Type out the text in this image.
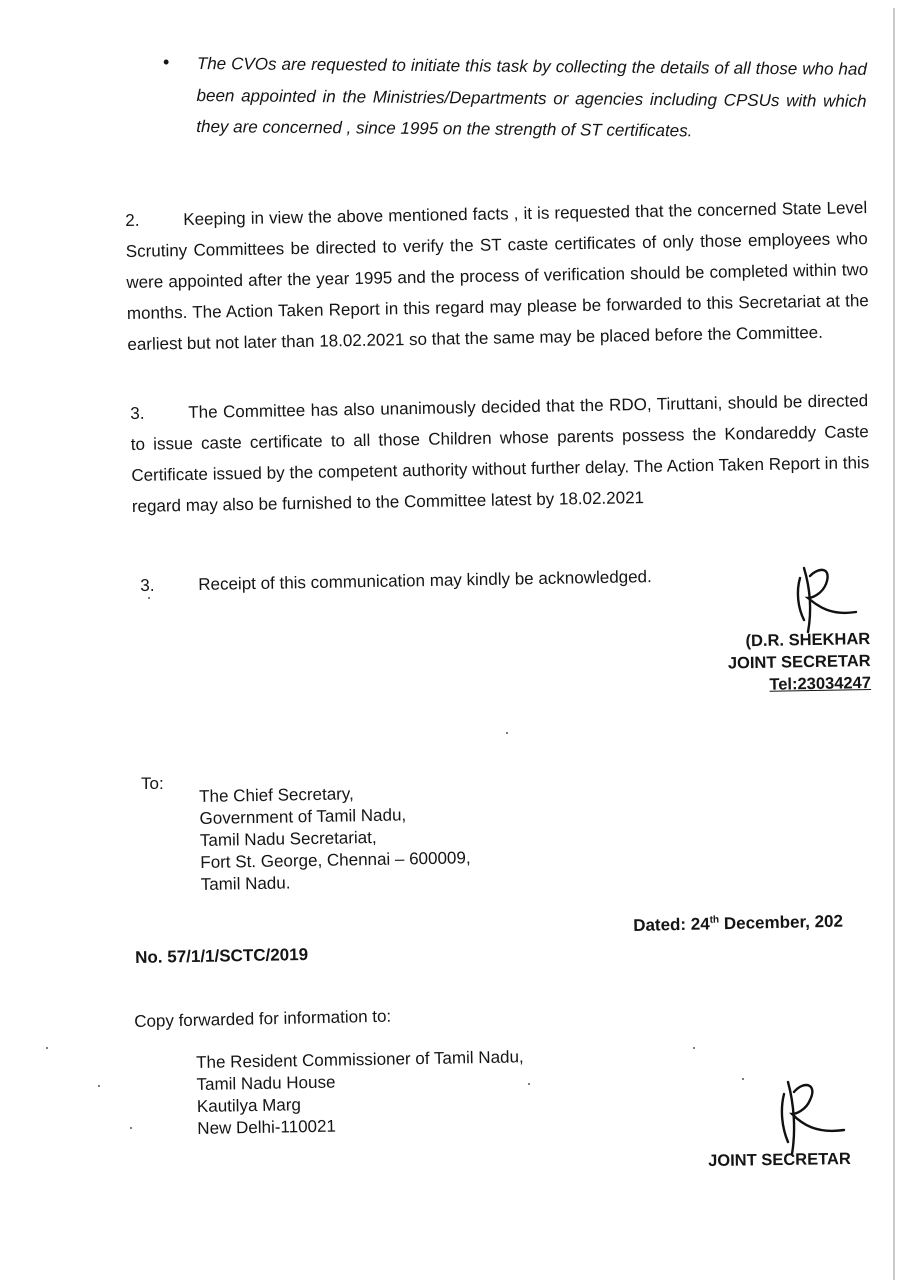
• The CVOs are requested to initiate this task by collecting the details of all those who had been appointed in the Ministries/Departments or agencies including CPSUs with which they are concerned , since 1995 on the strength of ST certificates.
2.	Keeping in view the above mentioned facts , it is requested that the concerned State Level Scrutiny Committees be directed to verify the ST caste certificates of only those employees who were appointed after the year 1995 and the process of verification should be completed within two months. The Action Taken Report in this regard may please be forwarded to this Secretariat at the earliest but not later than 18.02.2021 so that the same may be placed before the Committee.
3.	The Committee has also unanimously decided that the RDO, Tiruttani, should be directed to issue caste certificate to all those Children whose parents possess the Kondareddy Caste Certificate issued by the competent authority without further delay. The Action Taken Report in this regard may also be furnished to the Committee latest by 18.02.2021
3.	Receipt of this communication may kindly be acknowledged.
(D.R. SHEKHAR
JOINT SECRETAR
Tel:23034247
To:
The Chief Secretary,
Government of Tamil Nadu,
Tamil Nadu Secretariat,
Fort St. George, Chennai – 600009,
Tamil Nadu.
No. 57/1/1/SCTC/2019
Dated: 24th December, 202
Copy forwarded for information to:
The Resident Commissioner of Tamil Nadu,
Tamil Nadu House
Kautilya Marg
New Delhi-110021
JOINT SECRETAR
